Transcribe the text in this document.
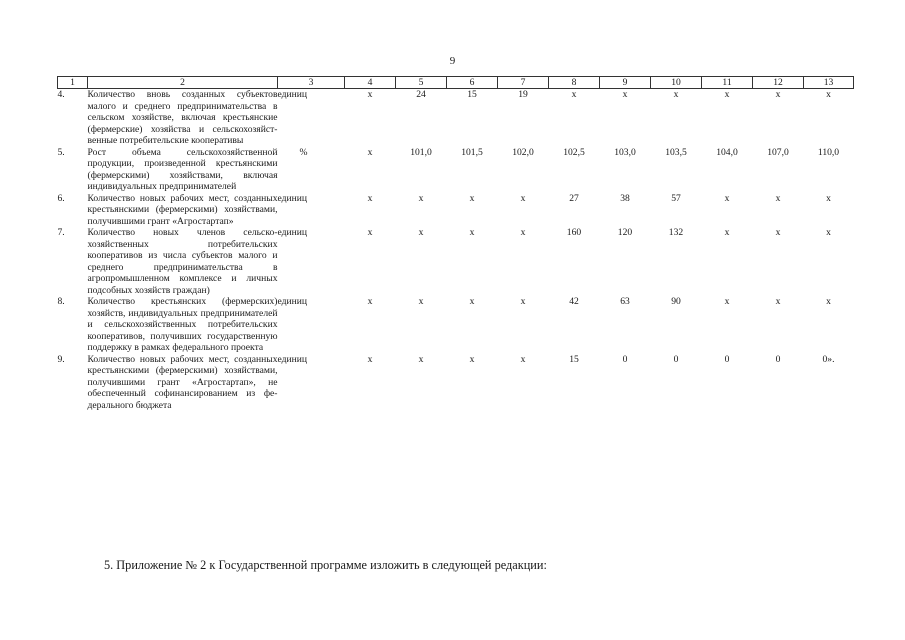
9
1	2	3	4	5	6	7	8	9	10	11	12	13
4.	Количество вновь созданных субъектов малого и среднего предпринимательства в сельском хозяйстве, включая крестьянские (фермерские) хозяйства и сельскохозяйственные потребительские кооперативы	единиц	х	24	15	19	х	х	х	х	х	х
5.	Рост объема сельскохозяйственной продукции, произведенной крестьянскими (фермерскими) хозяйствами, включая индивидуальных предпринимателей	%	х	101,0	101,5	102,0	102,5	103,0	103,5	104,0	107,0	110,0
6.	Количество новых рабочих мест, созданных крестьянскими (фермерскими) хозяйствами, получившими грант «Агростартап»	единиц	х	х	х	х	27	38	57	х	х	х
7.	Количество новых членов сельскохозяйственных потребительских кооперативов из числа субъектов малого и среднего предпринимательства в агропромышленном комплексе и личных подсобных хозяйств граждан)	единиц	х	х	х	х	160	120	132	х	х	х
8.	Количество крестьянских (фермерских) хозяйств, индивидуальных предпринимателей и сельскохозяйственных потребительских кооперативов, получивших государственную поддержку в рамках федерального проекта	единиц	х	х	х	х	42	63	90	х	х	х
9.	Количество новых рабочих мест, созданных крестьянскими (фермерскими) хозяйствами, получившими грант «Агростартап», не обеспеченный софинансированием из федерального бюджета	единиц	х	х	х	х	15	0	0	0	0	0».
5. Приложение № 2 к Государственной программе изложить в следующей редакции:
